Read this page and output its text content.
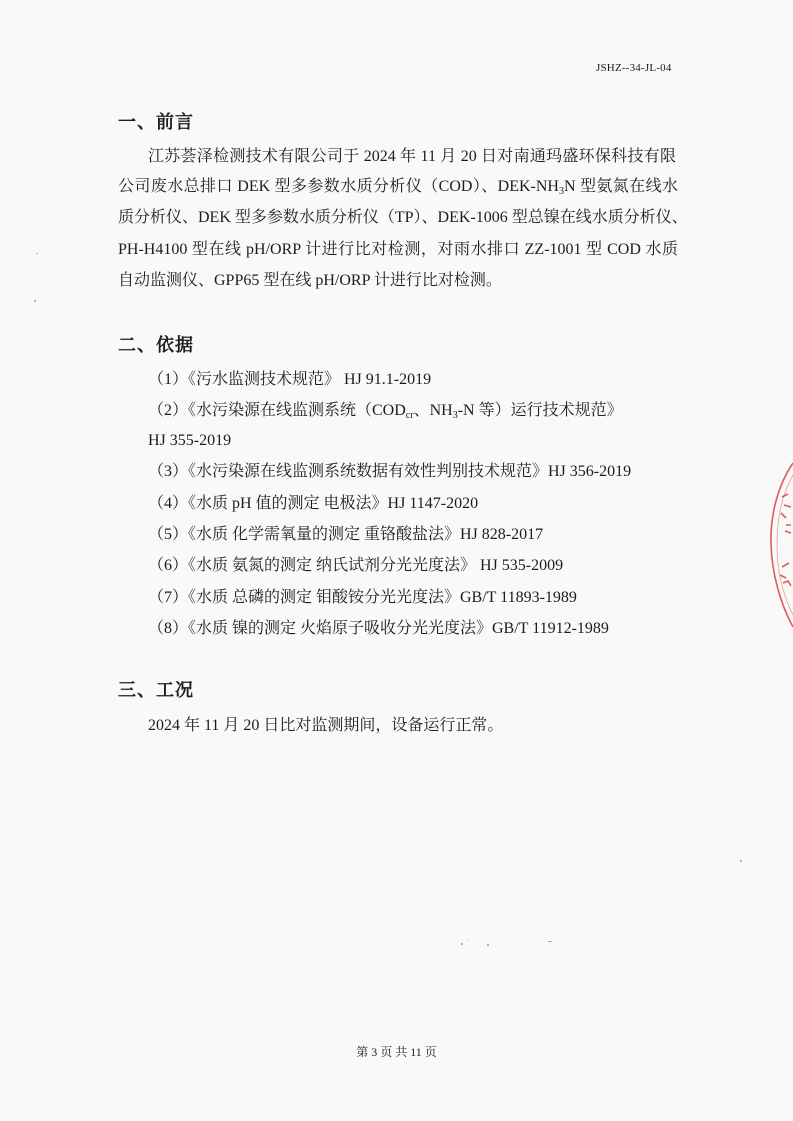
JSHZ--34-JL-04
一、前言
江苏荟泽检测技术有限公司于 2024 年 11 月 20 日对南通玛盛环保科技有限
公司废水总排口 DEK 型多参数水质分析仪（COD）、DEK-$NH_3N$ 型氨氮在线水
质分析仪、DEK 型多参数水质分析仪（TP）、DEK-1006 型总镍在线水质分析仪、
PH-H4100 型在线 pH/ORP 计进行比对检测，对雨水排口 ZZ-1001 型 COD 水质
自动监测仪、GPP65 型在线 pH/ORP 计进行比对检测。
二、依据
（1）《污水监测技术规范》 HJ 91.1-2019
（2）《水污染源在线监测系统（$COD_{cr}$、$NH_3-N$ 等）运行技术规范》
HJ 355-2019
（3）《水污染源在线监测系统数据有效性判别技术规范》HJ 356-2019
（4）《水质 pH 值的测定 电极法》HJ 1147-2020
（5）《水质 化学需氧量的测定 重铬酸盐法》HJ 828-2017
（6）《水质 氨氮的测定 纳氏试剂分光光度法》 HJ 535-2009
（7）《水质 总磷的测定 钼酸铵分光光度法》GB/T 11893-1989
（8）《水质 镍的测定 火焰原子吸收分光光度法》GB/T 11912-1989
三、工况
2024 年 11 月 20 日比对监测期间，设备运行正常。
第 3 页 共 11 页
